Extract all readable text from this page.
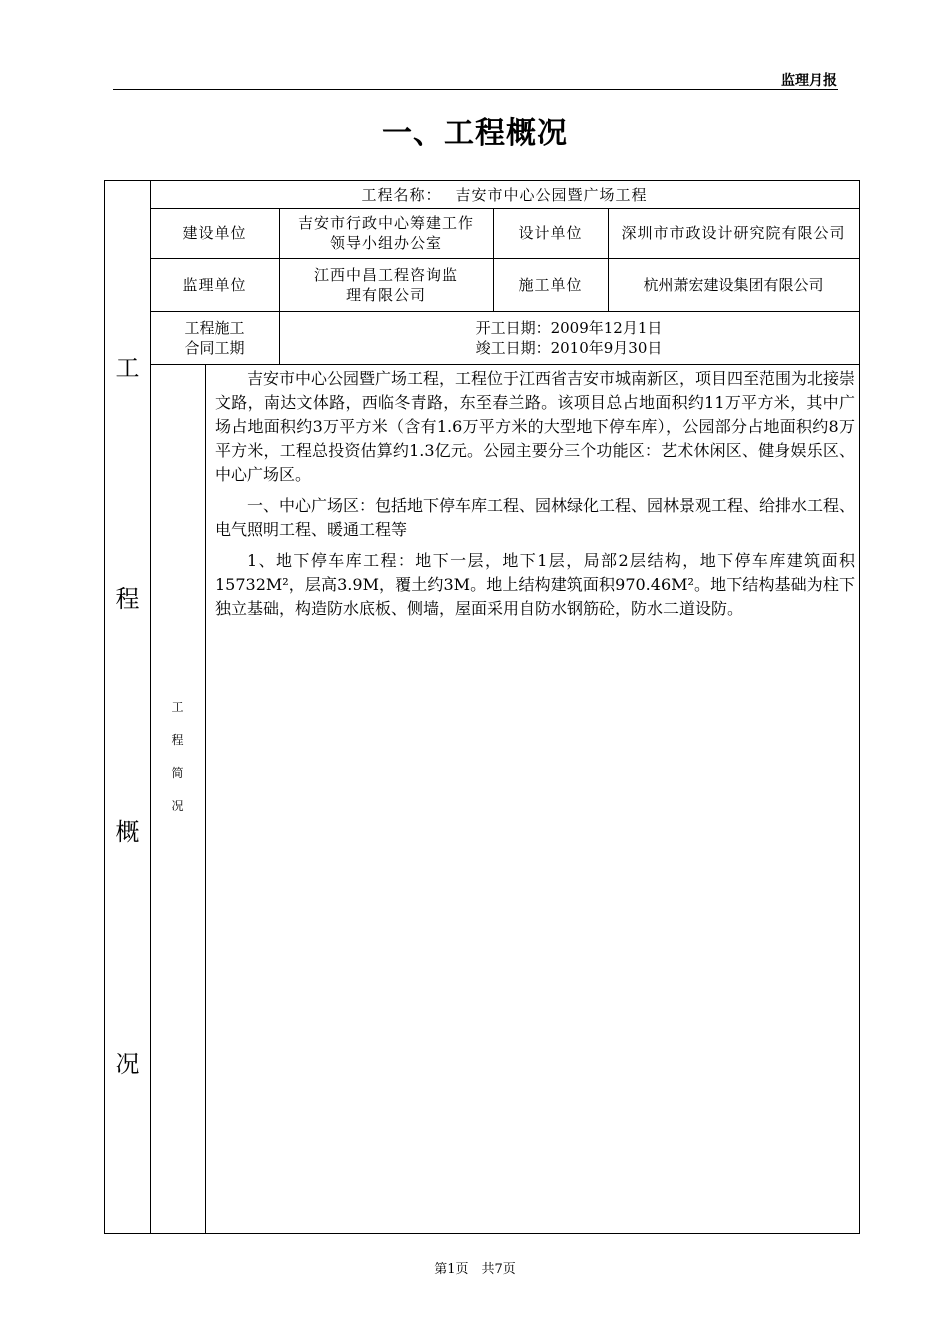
监理月报
一、工程概况
工
程
概
况
工程名称： 吉安市中心公园暨广场工程
建设单位
吉安市行政中心筹建工作领导小组办公室
设计单位	深圳市市政设计研究院有限公司
监理单位
江西中昌工程咨询监理有限公司
施工单位	杭州萧宏建设集团有限公司
工程施工
合同工期
开工日期：2009年12月1日
竣工日期：2010年9月30日
工
程
简
况

吉安市中心公园暨广场工程，工程位于江西省吉安市城南新区，项目四至范围为北接崇文路，南达文体路，西临冬青路，东至春兰路。该项目总占地面积约11万平方米，其中广场占地面积约3万平方米（含有1.6万平方米的大型地下停车库），公园部分占地面积约8万平方米，工程总投资估算约1.3亿元。公园主要分三个功能区：艺术休闲区、健身娱乐区、中心广场区。

一、中心广场区：包括地下停车库工程、园林绿化工程、园林景观工程、给排水工程、电气照明工程、暖通工程等

1、地下停车库工程：地下一层，地下1层，局部2层结构，地下停车库建筑面积15732M²，层高3.9M，覆土约3M。地上结构建筑面积970.46M²。地下结构基础为柱下独立基础，构造防水底板、侧墙，屋面采用自防水钢筋砼，防水二道设防。

第1页　共7页
